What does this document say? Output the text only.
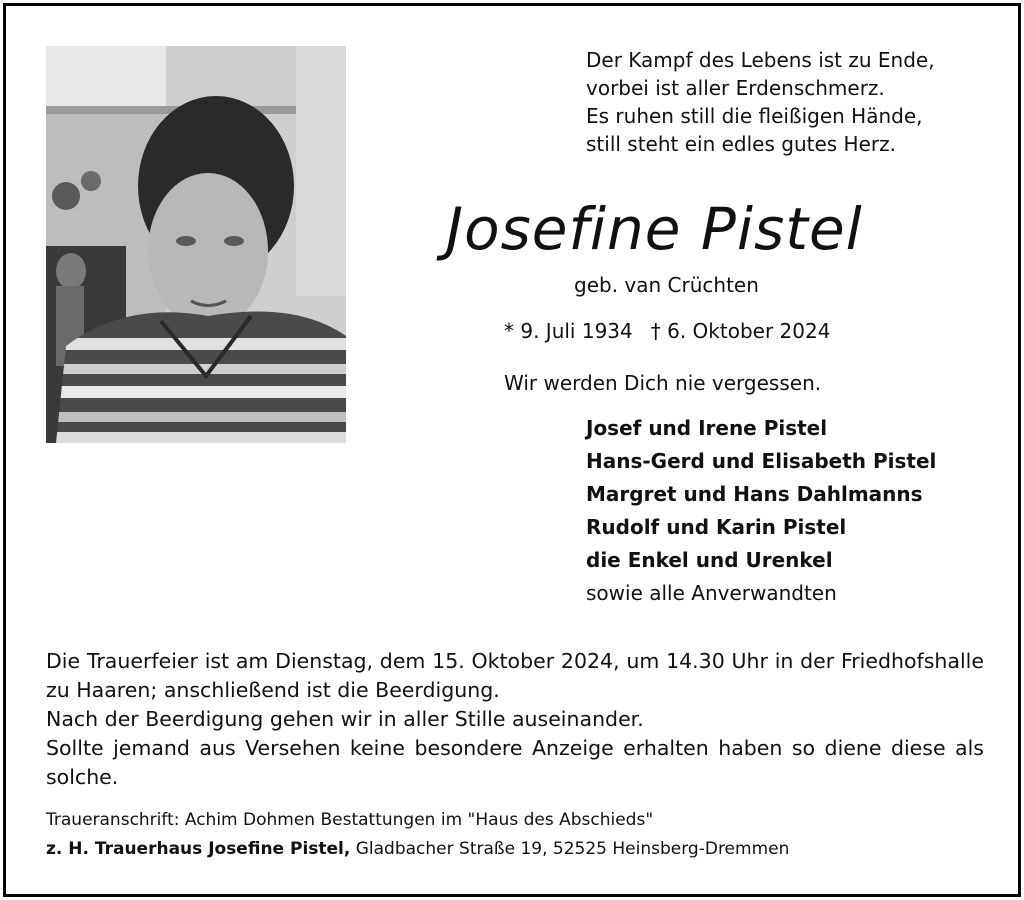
Der Kampf des Lebens ist zu Ende,
vorbei ist aller Erdenschmerz.
Es ruhen still die fleißigen Hände,
still steht ein edles gutes Herz.
Josefine Pistel
geb. van Crüchten
* 9. Juli 1934 † 6. Oktober 2024
Wir werden Dich nie vergessen.
Josef und Irene Pistel
Hans-Gerd und Elisabeth Pistel
Margret und Hans Dahlmanns
Rudolf und Karin Pistel
die Enkel und Urenkel
sowie alle Anverwandten

Die Trauerfeier ist am Dienstag, dem 15. Oktober 2024, um 14.30 Uhr in der Friedhofshalle zu Haaren; anschließend ist die Beerdigung.

Nach der Beerdigung gehen wir in aller Stille auseinander.

Sollte jemand aus Versehen keine besondere Anzeige erhalten haben so diene diese als solche.

Traueranschrift: Achim Dohmen Bestattungen im "Haus des Abschieds"
z. H. Trauerhaus Josefine Pistel, Gladbacher Straße 19, 52525 Heinsberg-Dremmen
